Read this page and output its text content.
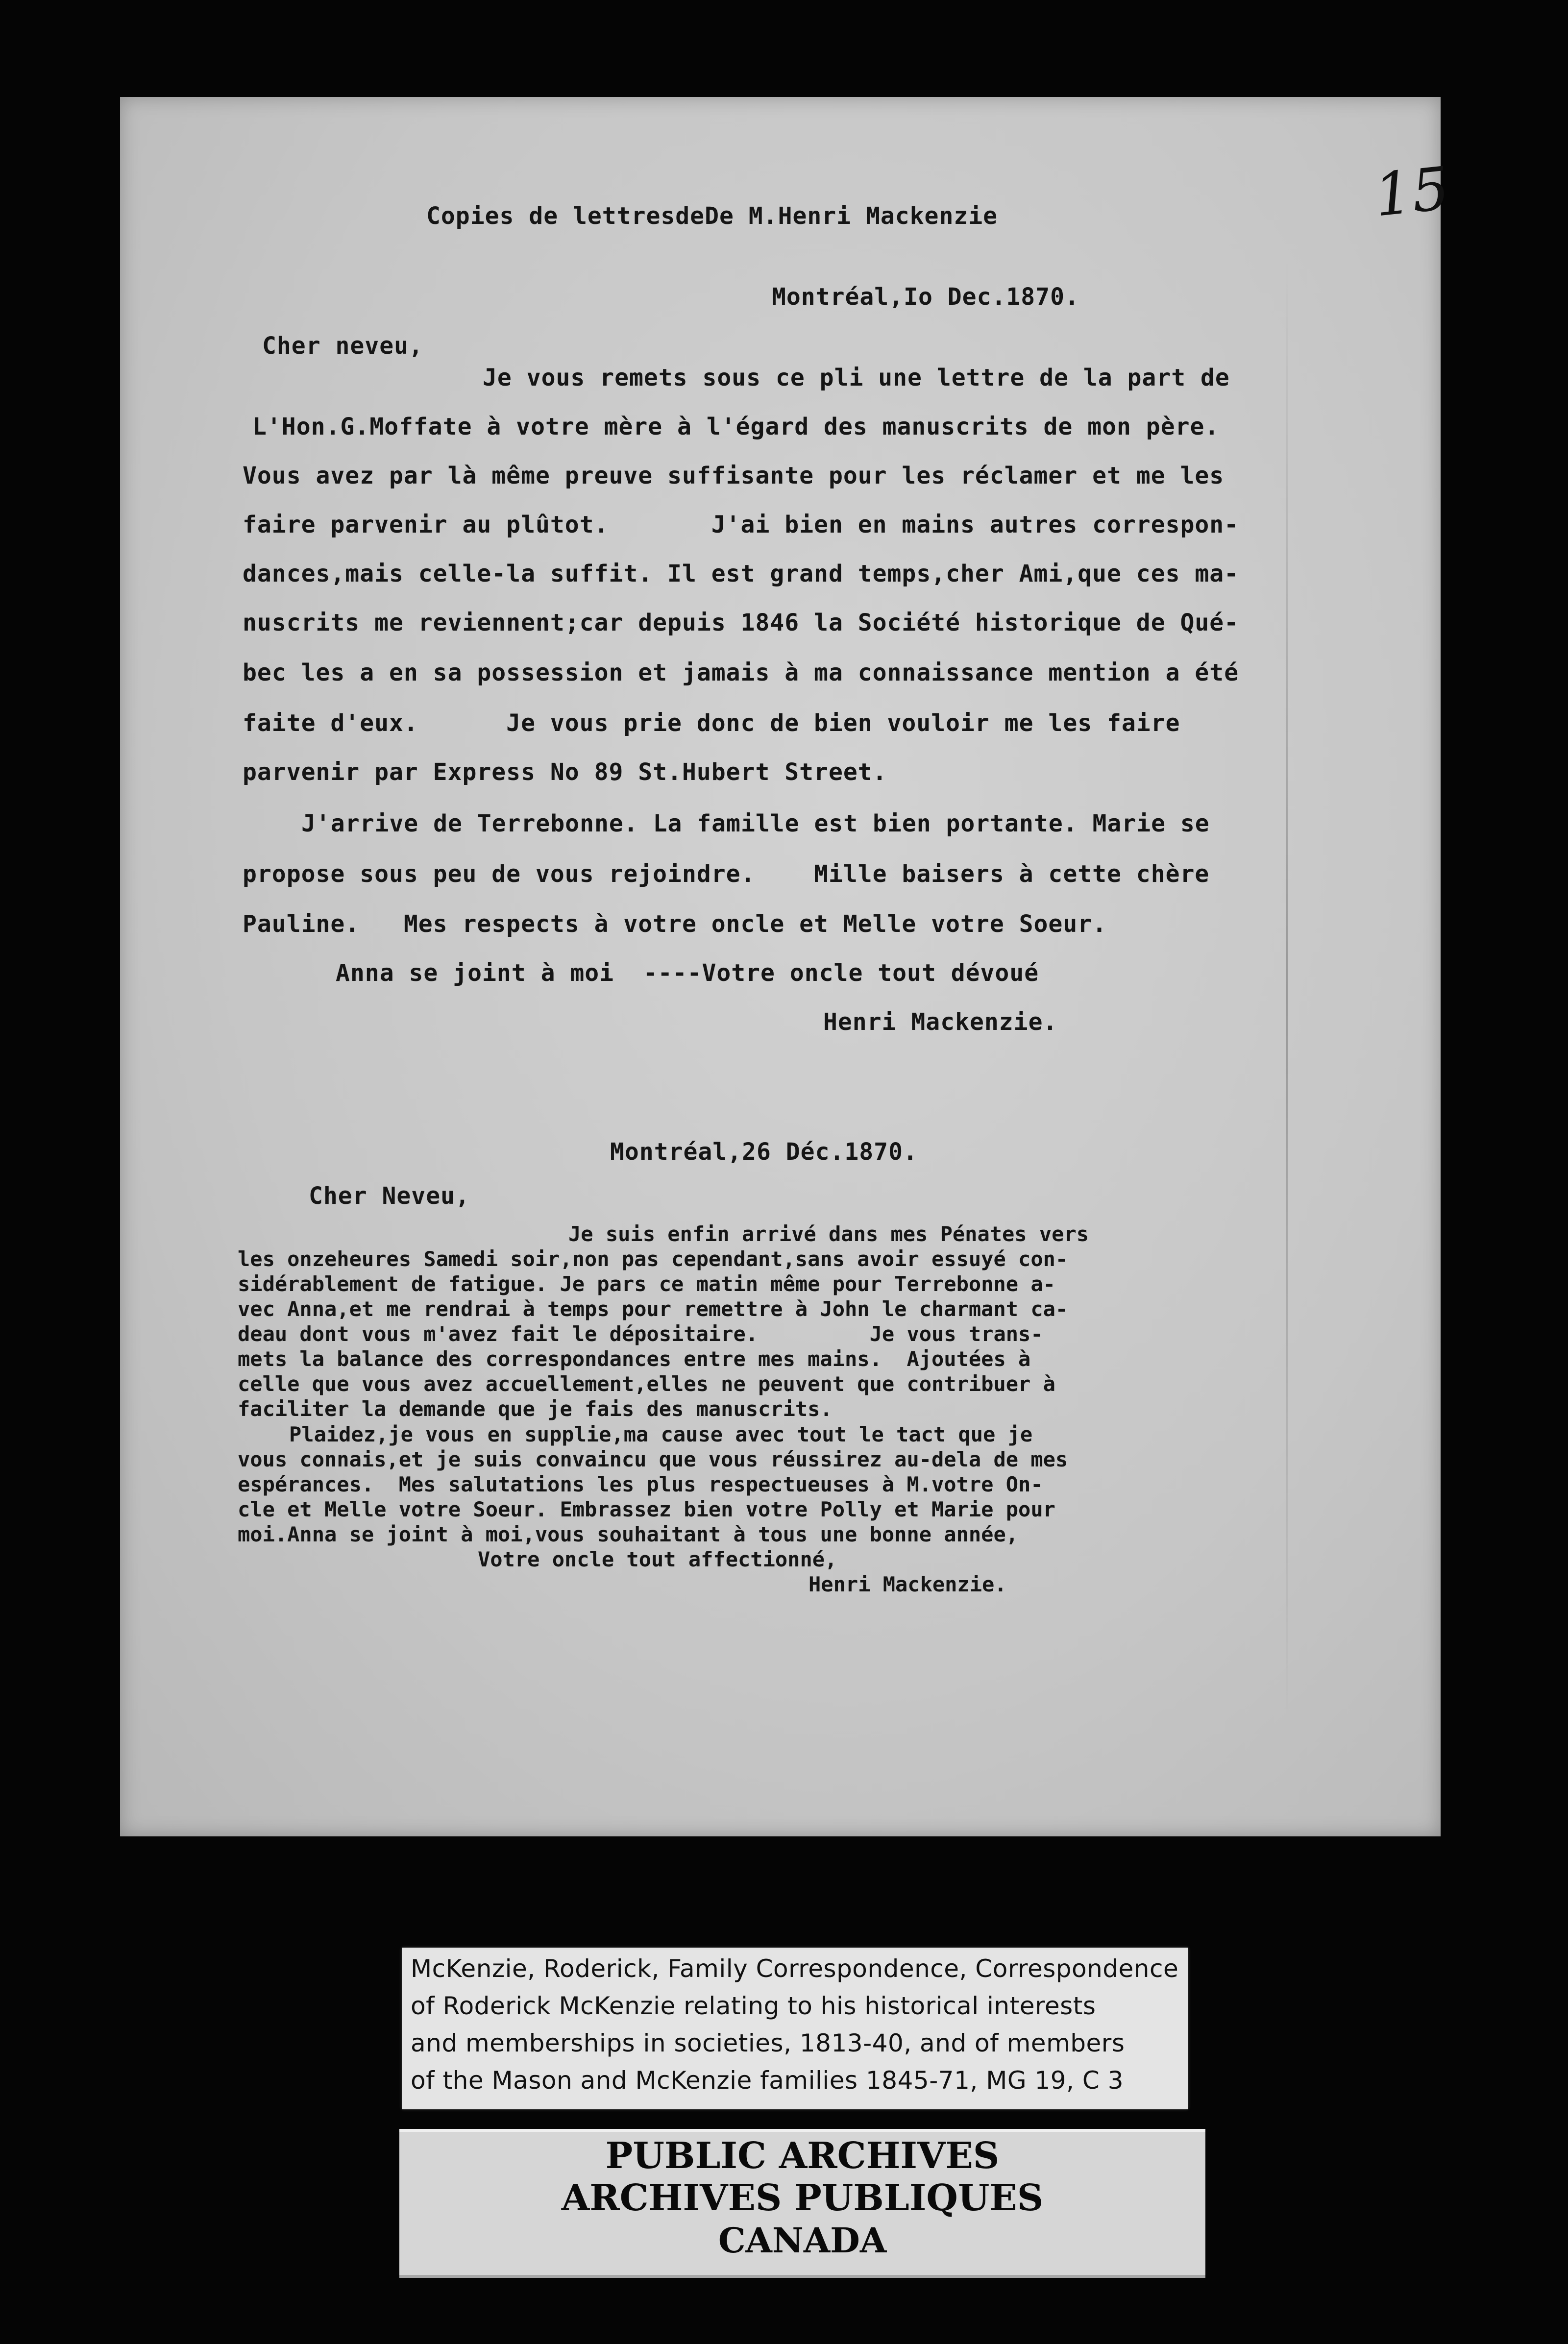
15
Copies de lettresdeDe M.Henri Mackenzie
Montréal,Io Dec.1870.
Cher neveu,
Je vous remets sous ce pli une lettre de la part de
L'Hon.G.Moffate à votre mère à l'égard des manuscrits de mon père.
Vous avez par là même preuve suffisante pour les réclamer et me les
faire parvenir au plûtot.       J'ai bien en mains autres correspon-
dances,mais celle-la suffit. Il est grand temps,cher Ami,que ces ma-
nuscrits me reviennent;car depuis 1846 la Société historique de Qué-
bec les a en sa possession et jamais à ma connaissance mention a été
faite d'eux.      Je vous prie donc de bien vouloir me les faire
parvenir par Express No 89 St.Hubert Street.
J'arrive de Terrebonne. La famille est bien portante. Marie se
propose sous peu de vous rejoindre.    Mille baisers à cette chère
Pauline.   Mes respects à votre oncle et Melle votre Soeur.
Anna se joint à moi  ----Votre oncle tout dévoué
Henri Mackenzie.
Montréal,26 Déc.1870.
Cher Neveu,
Je suis enfin arrivé dans mes Pénates vers
les onzeheures Samedi soir,non pas cependant,sans avoir essuyé con-
sidérablement de fatigue. Je pars ce matin même pour Terrebonne a-
vec Anna,et me rendrai à temps pour remettre à John le charmant ca-
deau dont vous m'avez fait le dépositaire.         Je vous trans-
mets la balance des correspondances entre mes mains.  Ajoutées à
celle que vous avez accuellement,elles ne peuvent que contribuer à
faciliter la demande que je fais des manuscrits.
Plaidez,je vous en supplie,ma cause avec tout le tact que je
vous connais,et je suis convaincu que vous réussirez au-dela de mes
espérances.  Mes salutations les plus respectueuses à M.votre On-
cle et Melle votre Soeur. Embrassez bien votre Polly et Marie pour
moi.Anna se joint à moi,vous souhaitant à tous une bonne année,
Votre oncle tout affectionné,
Henri Mackenzie.
McKenzie, Roderick, Family Correspondence, Correspondence
of Roderick McKenzie relating to his historical interests
and memberships in societies, 1813-40, and of members
of the Mason and McKenzie families 1845-71, MG 19, C 3
PUBLIC ARCHIVES
ARCHIVES PUBLIQUES
CANADA
